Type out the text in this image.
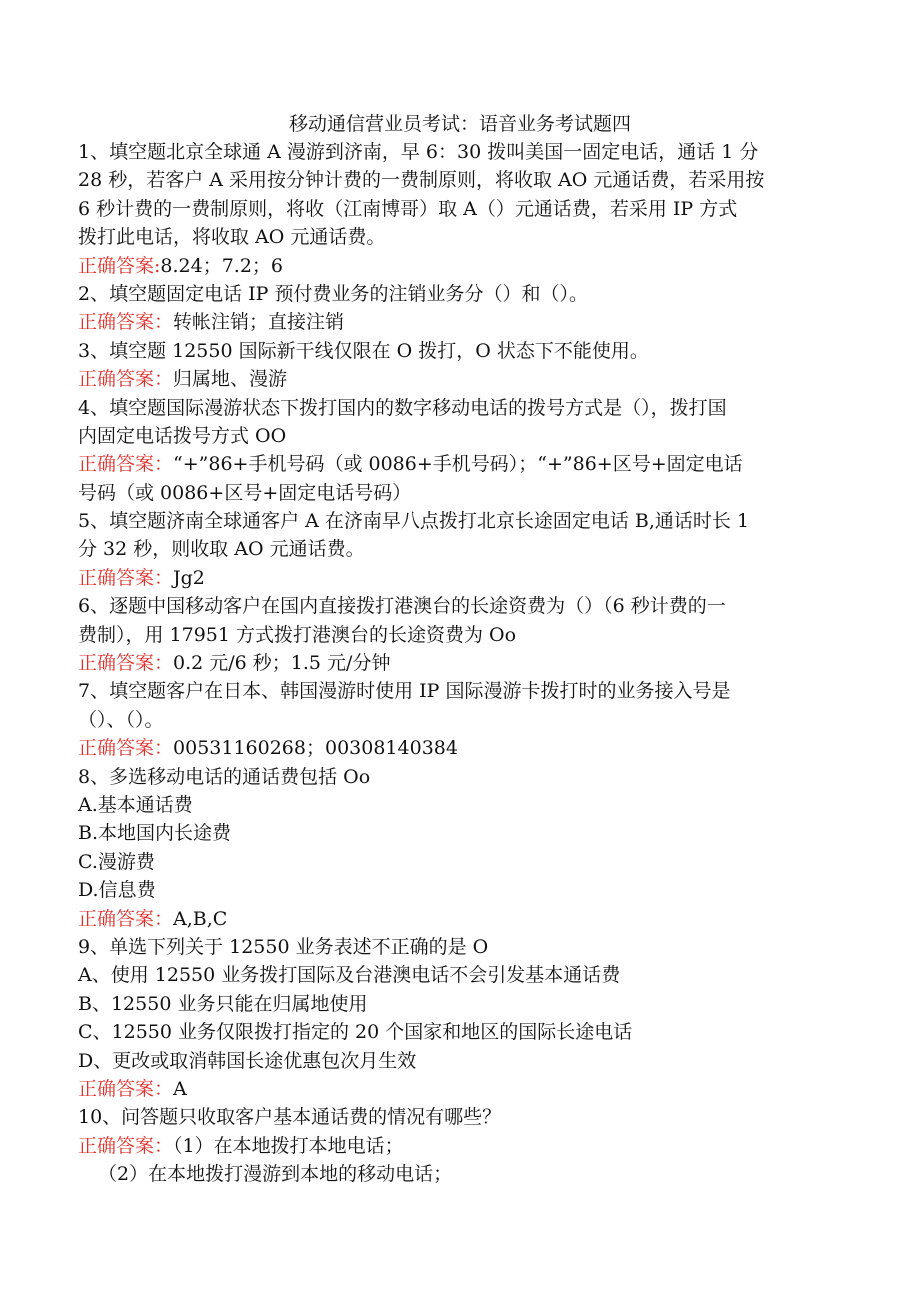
移动通信营业员考试：语音业务考试题四
1、填空题北京全球通 A 漫游到济南，早 6：30 拨叫美国一固定电话，通话 1 分
28 秒，若客户 A 采用按分钟计费的一费制原则，将收取 AO 元通话费，若采用按
6 秒计费的一费制原则，将收（江南博哥）取 A（）元通话费，若采用 IP 方式
拨打此电话，将收取 AO 元通话费。
正确答案:8.24；7.2；6
2、填空题固定电话 IP 预付费业务的注销业务分（）和（）。
正确答案：转帐注销；直接注销
3、填空题 12550 国际新干线仅限在 O 拨打，O 状态下不能使用。
正确答案：归属地、漫游
4、填空题国际漫游状态下拨打国内的数字移动电话的拨号方式是（），拨打国
内固定电话拨号方式 OO
正确答案：“+”86+手机号码（或 0086+手机号码）；“+”86+区号+固定电话
号码（或 0086+区号+固定电话号码）
5、填空题济南全球通客户 A 在济南早八点拨打北京长途固定电话 B,通话时长 1
分 32 秒，则收取 AO 元通话费。
正确答案：Jg2
6、逐题中国移动客户在国内直接拨打港澳台的长途资费为（）（6 秒计费的一
费制），用 17951 方式拨打港澳台的长途资费为 Oo
正确答案：0.2 元/6 秒；1.5 元/分钟
7、填空题客户在日本、韩国漫游时使用 IP 国际漫游卡拨打时的业务接入号是
（）、（）。
正确答案：00531160268；00308140384
8、多选移动电话的通话费包括 Oo
A.基本通话费
B.本地国内长途费
C.漫游费
D.信息费
正确答案：A,B,C
9、单选下列关于 12550 业务表述不正确的是 O
A、使用 12550 业务拨打国际及台港澳电话不会引发基本通话费
B、12550 业务只能在归属地使用
C、12550 业务仅限拨打指定的 20 个国家和地区的国际长途电话
D、更改或取消韩国长途优惠包次月生效
正确答案：A
10、问答题只收取客户基本通话费的情况有哪些？
正确答案：（1）在本地拨打本地电话；
（2）在本地拨打漫游到本地的移动电话；
